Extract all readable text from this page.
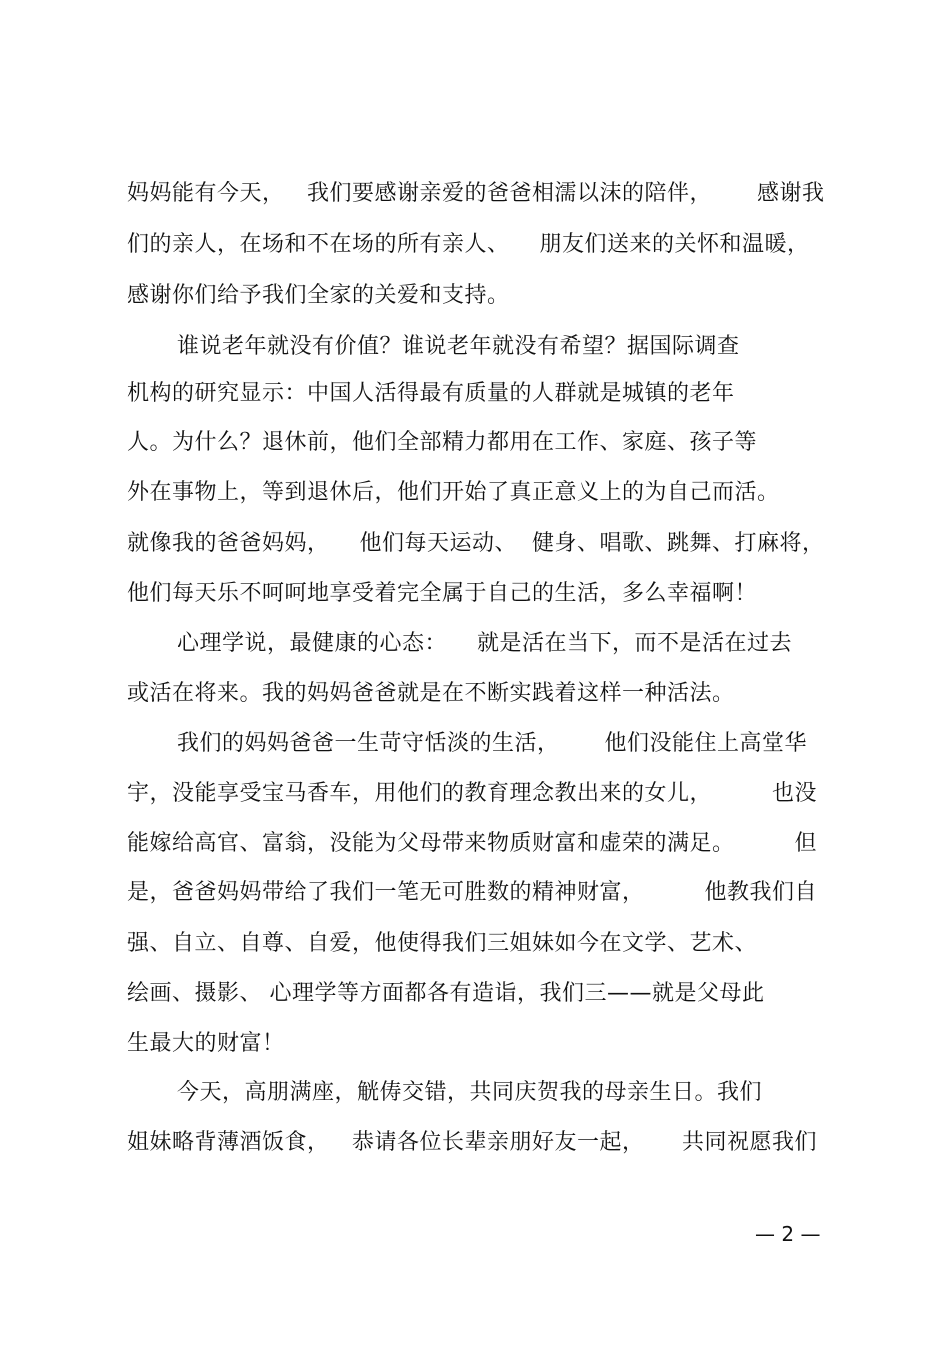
妈妈能有今天，   我们要感谢亲爱的爸爸相濡以沫的陪伴，      感谢我
们的亲人，在场和不在场的所有亲人、    朋友们送来的关怀和温暖，
感谢你们给予我们全家的关爱和支持。
谁说老年就没有价值？谁说老年就没有希望？据国际调查
机构的研究显示：中国人活得最有质量的人群就是城镇的老年
人。为什么？退休前，他们全部精力都用在工作、家庭、孩子等
外在事物上，等到退休后，他们开始了真正意义上的为自己而活。
就像我的爸爸妈妈，    他们每天运动、  健身、唱歌、跳舞、打麻将，
他们每天乐不呵呵地享受着完全属于自己的生活，多么幸福啊！
心理学说，最健康的心态：    就是活在当下，而不是活在过去
或活在将来。我的妈妈爸爸就是在不断实践着这样一种活法。
我们的妈妈爸爸一生苛守恬淡的生活，      他们没能住上高堂华
宇，没能享受宝马香车，用他们的教育理念教出来的女儿，        也没
能嫁给高官、富翁，没能为父母带来物质财富和虚荣的满足。        但
是，爸爸妈妈带给了我们一笔无可胜数的精神财富，        他教我们自
强、自立、自尊、自爱，他使得我们三姐妹如今在文学、艺术、
绘画、摄影、 心理学等方面都各有造诣，我们三——就是父母此
生最大的财富！
今天，高朋满座，觥俦交错，共同庆贺我的母亲生日。我们
姐妹略背薄酒饭食，   恭请各位长辈亲朋好友一起，     共同祝愿我们
— 2 —
